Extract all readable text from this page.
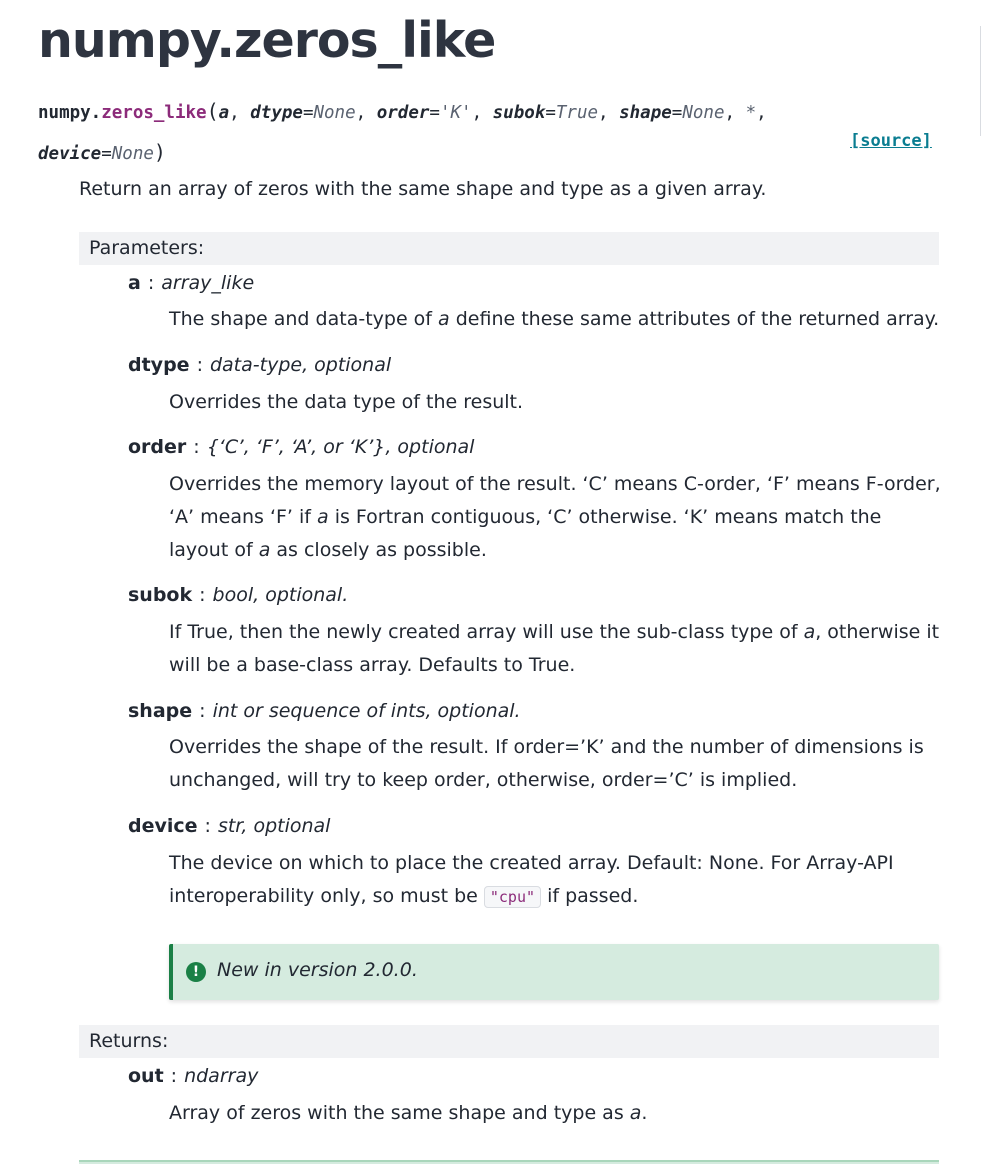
numpy.zeros_like
numpy.zeros_like(a, dtype=None, order='K', subok=True, shape=None, *,
device=None)	[source]
Return an array of zeros with the same shape and type as a given array.
Parameters:
a : array_like
The shape and data-type of a define these same attributes of the returned array.
dtype : data-type, optional
Overrides the data type of the result.
order : {‘C’, ‘F’, ‘A’, or ‘K’}, optional
Overrides the memory layout of the result. ‘C’ means C-order, ‘F’ means F-order, ‘A’ means ‘F’ if a is Fortran contiguous, ‘C’ otherwise. ‘K’ means match the layout of a as closely as possible.
subok : bool, optional.
If True, then the newly created array will use the sub-class type of a, otherwise it will be a base-class array. Defaults to True.
shape : int or sequence of ints, optional.
Overrides the shape of the result. If order=’K’ and the number of dimensions is unchanged, will try to keep order, otherwise, order=’C’ is implied.
device : str, optional
The device on which to place the created array. Default: None. For Array-API interoperability only, so must be "cpu" if passed.
! New in version 2.0.0.
Returns:
out : ndarray
Array of zeros with the same shape and type as a.
